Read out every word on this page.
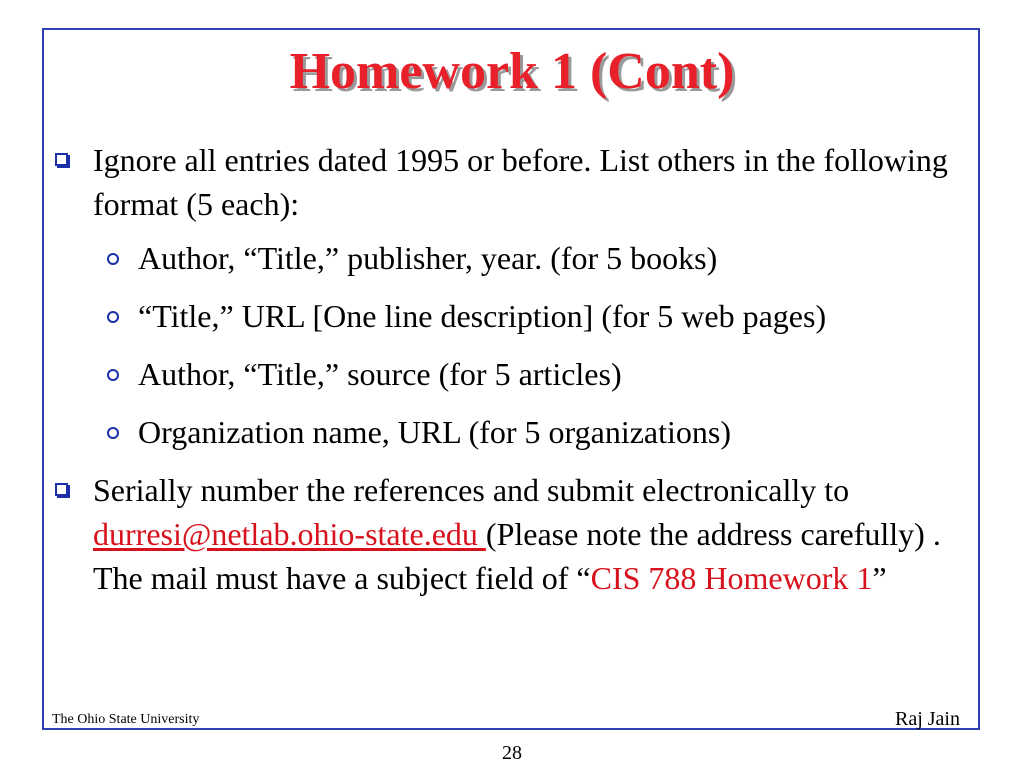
Homework 1 (Cont)
Ignore all entries dated 1995 or before. List others in the following format (5 each):
Author, “Title,” publisher, year. (for 5 books)
“Title,” URL [One line description] (for 5 web pages)
Author, “Title,” source (for 5 articles)
Organization name, URL (for 5 organizations)
Serially number the references and submit electronically to durresi@netlab.ohio-state.edu (Please note the address carefully) . The mail must have a subject field of “CIS 788 Homework 1”
The Ohio State University	Raj Jain
28
